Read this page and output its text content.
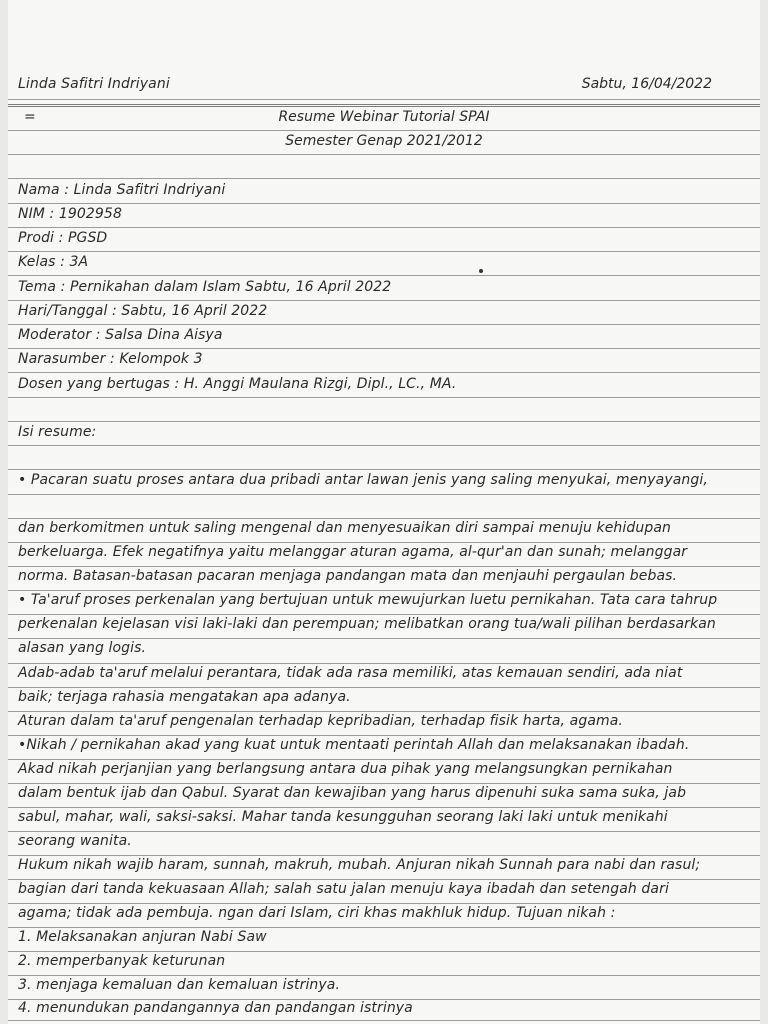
Linda Safitri Indriyani	Sabtu, 16/04/2022
=	Resume Webinar Tutorial SPAI
Semester Genap 2021/2012
Nama : Linda Safitri Indriyani
NIM : 1902958
Prodi : PGSD
Kelas : 3A
Tema : Pernikahan dalam Islam Sabtu, 16 April 2022
Hari/Tanggal : Sabtu, 16 April 2022
Moderator : Salsa Dina Aisya
Narasumber : Kelompok 3
Dosen yang bertugas : H. Anggi Maulana Rizgi, Dipl., LC., MA.
Isi resume:
• Pacaran suatu proses antara dua pribadi antar lawan jenis yang saling menyukai, menyayangi,
dan berkomitmen untuk saling mengenal dan menyesuaikan diri sampai menuju kehidupan
berkeluarga. Efek negatifnya yaitu melanggar aturan agama, al-qur'an dan sunah; melanggar
norma. Batasan-batasan pacaran menjaga pandangan mata dan menjauhi pergaulan bebas.
• Ta'aruf proses perkenalan yang bertujuan untuk mewujurkan luetu pernikahan. Tata cara tahrup
perkenalan kejelasan visi laki-laki dan perempuan; melibatkan orang tua/wali pilihan berdasarkan
alasan yang logis.
Adab-adab ta'aruf melalui perantara, tidak ada rasa memiliki, atas kemauan sendiri, ada niat
baik; terjaga rahasia mengatakan apa adanya.
Aturan dalam ta'aruf pengenalan terhadap kepribadian, terhadap fisik harta, agama.
•Nikah / pernikahan akad yang kuat untuk mentaati perintah Allah dan melaksanakan ibadah.
Akad nikah perjanjian yang berlangsung antara dua pihak yang melangsungkan pernikahan
dalam bentuk ijab dan Qabul. Syarat dan kewajiban yang harus dipenuhi suka sama suka, jab
sabul, mahar, wali, saksi-saksi. Mahar tanda kesungguhan seorang laki laki untuk menikahi
seorang wanita.
Hukum nikah wajib haram, sunnah, makruh, mubah. Anjuran nikah Sunnah para nabi dan rasul;
bagian dari tanda kekuasaan Allah; salah satu jalan menuju kaya ibadah dan setengah dari
agama; tidak ada pembuja. ngan dari Islam, ciri khas makhluk hidup. Tujuan nikah :
1. Melaksanakan anjuran Nabi Saw
2. memperbanyak keturunan
3. menjaga kemaluan dan kemaluan istrinya.
4. menundukan pandangannya dan pandangan istrinya
